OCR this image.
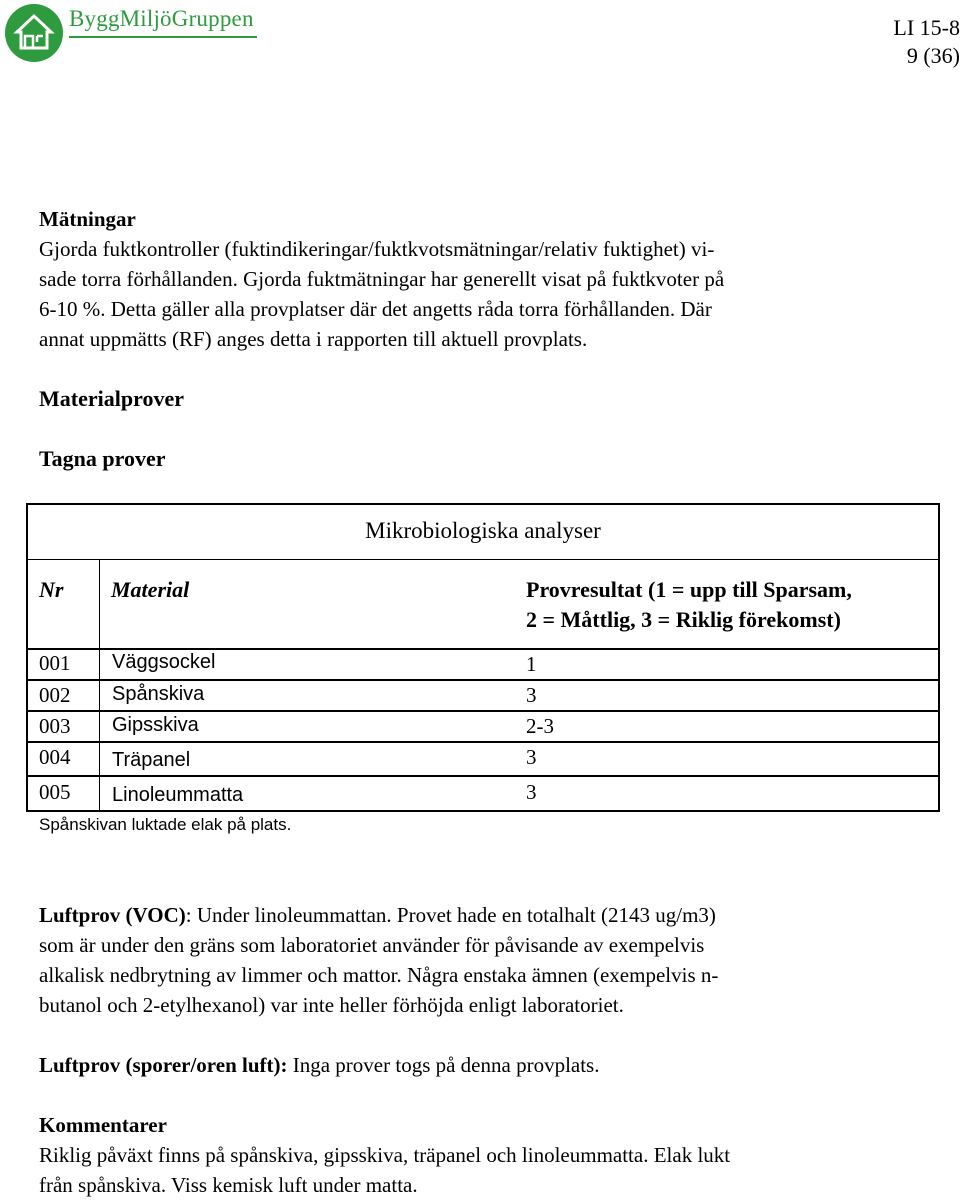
ByggMiljöGruppen	LI 15-8
9 (36)
Mätningar
Gjorda fuktkontroller (fuktindikeringar/fuktkvotsmätningar/relativ fuktighet) vi-
sade torra förhållanden. Gjorda fuktmätningar har generellt visat på fuktkvoter på
6-10 %. Detta gäller alla provplatser där det angetts råda torra förhållanden. Där
annat uppmätts (RF) anges detta i rapporten till aktuell provplats.
Materialprover
Tagna prover
Mikrobiologiska analyser
Nr Material	Provresultat (1 = upp till Sparsam,
2 = Måttlig, 3 = Riklig förekomst)
001 Väggsockel	1
002 Spånskiva	3
003 Gipsskiva	2-3
004 Träpanel	3
005 Linoleummatta	3
Spånskivan luktade elak på plats.
Luftprov (VOC): Under linoleummattan. Provet hade en totalhalt (2143 ug/m3)
som är under den gräns som laboratoriet använder för påvisande av exempelvis
alkalisk nedbrytning av limmer och mattor. Några enstaka ämnen (exempelvis n-
butanol och 2-etylhexanol) var inte heller förhöjda enligt laboratoriet.
Luftprov (sporer/oren luft): Inga prover togs på denna provplats.
Kommentarer
Riklig påväxt finns på spånskiva, gipsskiva, träpanel och linoleummatta. Elak lukt
från spånskiva. Viss kemisk luft under matta.
